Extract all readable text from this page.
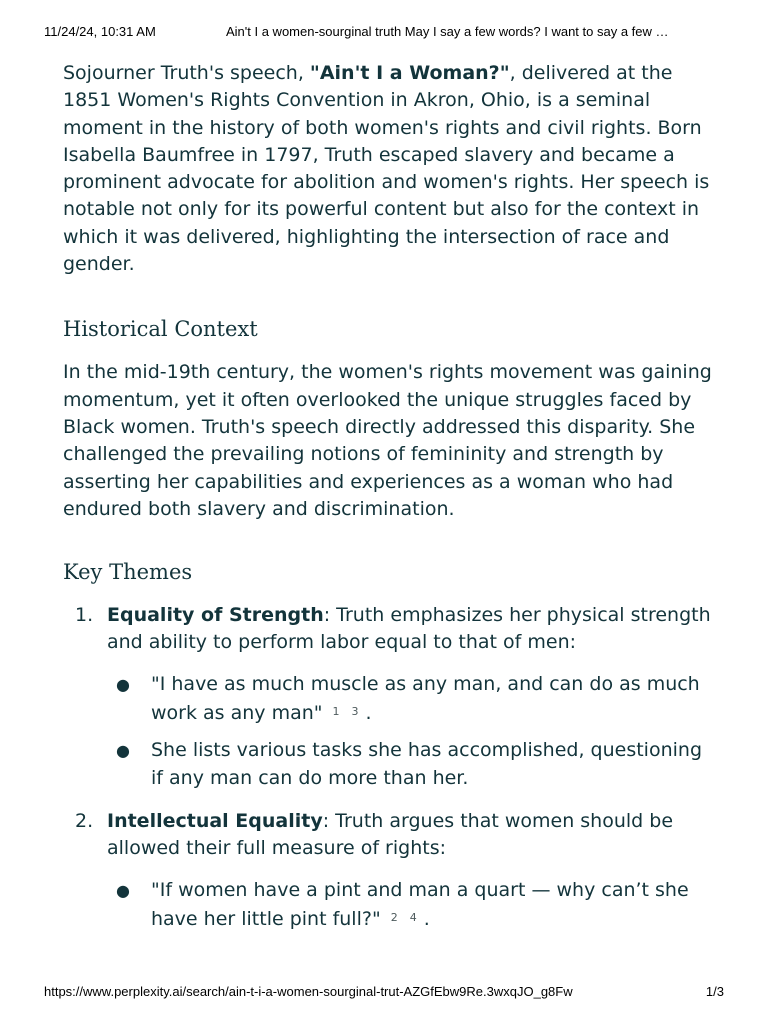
11/24/24, 10:31 AM	Ain't I a women-sourginal truth May I say a few words? I want to say a few …

Sojourner Truth's speech, "Ain't I a Woman?", delivered at the 1851 Women's Rights Convention in Akron, Ohio, is a seminal moment in the history of both women's rights and civil rights. Born Isabella Baumfree in 1797, Truth escaped slavery and became a prominent advocate for abolition and women's rights. Her speech is notable not only for its powerful content but also for the context in which it was delivered, highlighting the intersection of race and gender.

Historical Context

In the mid-19th century, the women's rights movement was gaining momentum, yet it often overlooked the unique struggles faced by Black women. Truth's speech directly addressed this disparity. She challenged the prevailing notions of femininity and strength by asserting her capabilities and experiences as a woman who had endured both slavery and discrimination.

Key Themes
1. Equality of Strength: Truth emphasizes her physical strength and ability to perform labor equal to that of men:
● "I have as much muscle as any man, and can do as much work as any man" $^1$ $^3$ .
● She lists various tasks she has accomplished, questioning if any man can do more than her.
2. Intellectual Equality: Truth argues that women should be allowed their full measure of rights:
● "If women have a pint and man a quart — why can’t she have her little pint full?" $^2$ $^4$ .
https://www.perplexity.ai/search/ain-t-i-a-women-sourginal-trut-AZGfEbw9Re.3wxqJO_g8Fw	1/3
